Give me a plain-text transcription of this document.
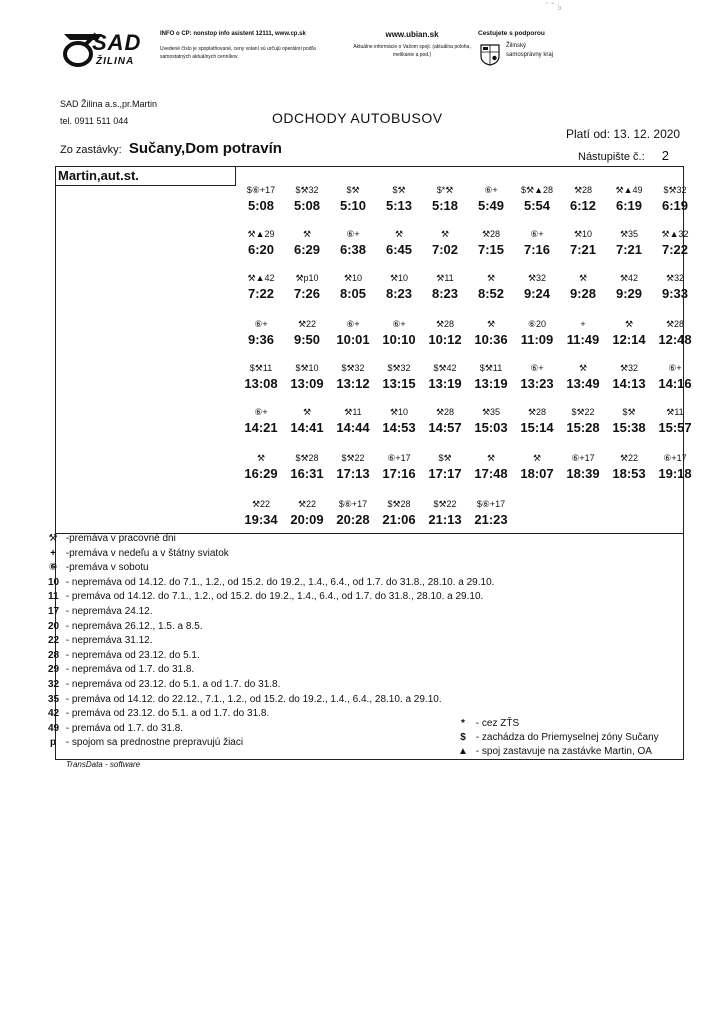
ˊ ˉ ♭
SAD
ŽILINA
INFO o CP: nonstop info asistent 12111, www.cp.sk
Uvedené číslo je spoplatňované, ceny volaní sú určujú operátori podľa samostatných aktuálnych cenníkov.
www.ubian.sk
Aktuálne informácie o Vašom spoji. (aktuálna poloha, meškanie a pod.)
Cestujete s podporou
Žilinský samosprávny kraj
SAD Žilina a.s.,pr.Martin
tel. 0911 511 044	ODCHODY AUTOBUSOV
Platí od: 13. 12. 2020
Zo zastávky: Sučany,Dom potravín	Nástupište č.: 2
Martin,aut.st.
$⑥+17
5:08
$⚒32
5:08
$⚒
5:10
$⚒
5:13
$*⚒
5:18
⑥+
5:49
$⚒▲28
5:54
⚒28
6:12
⚒▲49
6:19
$⚒32
6:19
⚒▲29
6:20
⚒
6:29
⑥+
6:38
⚒
6:45
⚒
7:02
⚒28
7:15
⑥+
7:16
⚒10
7:21
⚒35
7:21
⚒▲32
7:22
⚒▲42
7:22
⚒p10
7:26
⚒10
8:05
⚒10
8:23
⚒11
8:23
⚒
8:52
⚒32
9:24
⚒
9:28
⚒42
9:29
⚒32
9:33
⑥+
9:36
⚒22
9:50
⑥+
10:01
⑥+
10:10
⚒28
10:12
⚒
10:36
⑥20
11:09
+
11:49
⚒
12:14
⚒28
12:48
$⚒11
13:08
$⚒10
13:09
$⚒32
13:12
$⚒32
13:15
$⚒42
13:19
$⚒11
13:19
⑥+
13:23
⚒
13:49
⚒32
14:13
⑥+
14:16
⑥+
14:21
⚒
14:41
⚒11
14:44
⚒10
14:53
⚒28
14:57
⚒35
15:03
⚒28
15:14
$⚒22
15:28
$⚒
15:38
⚒11
15:57
⚒
16:29
$⚒28
16:31
$⚒22
17:13
⑥+17
17:16
$⚒
17:17
⚒
17:48
⚒
18:07
⑥+17
18:39
⚒22
18:53
⑥+17
19:18
⚒22
19:34
⚒22
20:09
$⑥+17
20:28
$⚒28
21:06
$⚒22
21:13
$⑥+17
21:23
⚒ -premáva v pracovné dni
+ -premáva v nedeľu a v štátny sviatok
⑥ -premáva v sobotu
10 - nepremáva od 14.12. do 7.1., 1.2., od 15.2. do 19.2., 1.4., 6.4., od 1.7. do 31.8., 28.10. a 29.10.
11 - premáva od 14.12. do 7.1., 1.2., od 15.2. do 19.2., 1.4., 6.4., od 1.7. do 31.8., 28.10. a 29.10.
17 - nepremáva 24.12.
20 - nepremáva 26.12., 1.5. a 8.5.
22 - nepremáva 31.12.
28 - nepremáva od 23.12. do 5.1.
29 - nepremáva od 1.7. do 31.8.
32 - nepremáva od 23.12. do 5.1. a od 1.7. do 31.8.
35 - premáva od 14.12. do 22.12., 7.1., 1.2., od 15.2. do 19.2., 1.4., 6.4., 28.10. a 29.10.
42 - premáva od 23.12. do 5.1. a od 1.7. do 31.8.
49 - premáva od 1.7. do 31.8.
p - spojom sa prednostne prepravujú žiaci
* - cez ZŤS
$ - zachádza do Priemyselnej zóny Sučany
▲ - spoj zastavuje na zastávke Martin, OA
TransData - software
